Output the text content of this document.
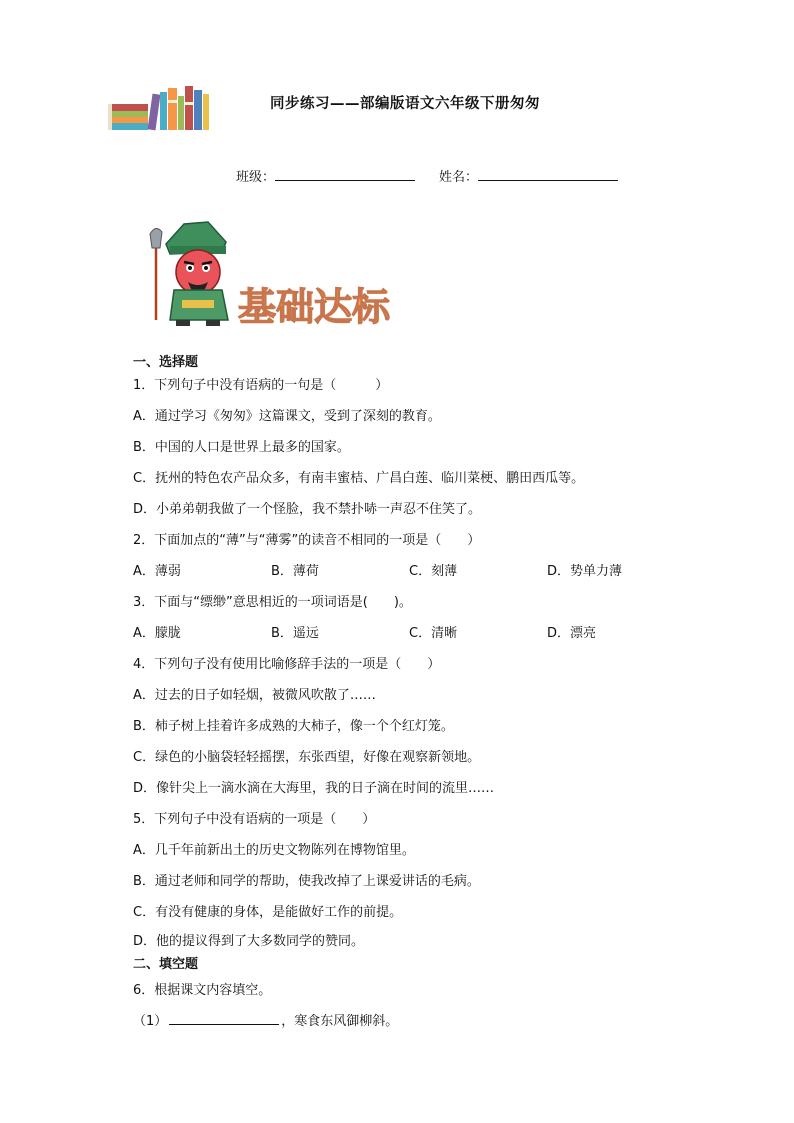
同步练习——部编版语文六年级下册匆匆
班级：	姓名：
基础达标
一、选择题
1．下列句子中没有语病的一句是（　　　）
A．通过学习《匆匆》这篇课文，受到了深刻的教育。
B．中国的人口是世界上最多的国家。
C．抚州的特色农产品众多，有南丰蜜桔、广昌白莲、临川菜梗、鹏田西瓜等。
D．小弟弟朝我做了一个怪脸，我不禁扑哧一声忍不住笑了。
2．下面加点的“薄”与“薄雾”的读音不相同的一项是（　　）
A．薄弱	B．薄荷	C．刻薄	D．势单力薄
3．下面与“缥缈”意思相近的一项词语是(　　)。
A．朦胧	B．遥远	C．清晰	D．漂亮
4．下列句子没有使用比喻修辞手法的一项是（　　）
A．过去的日子如轻烟，被微风吹散了……
B．柿子树上挂着许多成熟的大柿子，像一个个红灯笼。
C．绿色的小脑袋轻轻摇摆，东张西望，好像在观察新领地。
D．像针尖上一滴水滴在大海里，我的日子滴在时间的流里……
5．下列句子中没有语病的一项是（　　）
A．几千年前新出土的历史文物陈列在博物馆里。
B．通过老师和同学的帮助，使我改掉了上课爱讲话的毛病。
C．有没有健康的身体，是能做好工作的前提。
D．他的提议得到了大多数同学的赞同。
二、填空题
6．根据课文内容填空。
（1）	，寒食东风御柳斜。
